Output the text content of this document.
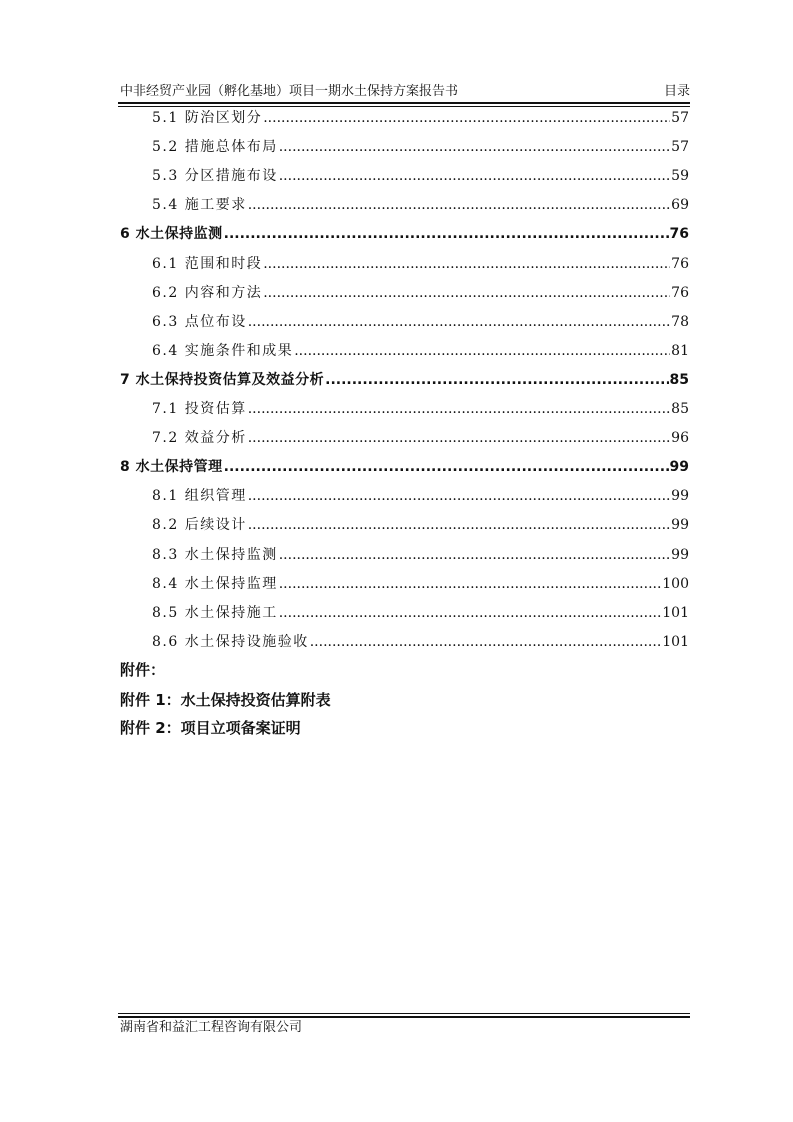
中非经贸产业园（孵化基地）项目一期水土保持方案报告书	目录
5.1 防治区划分 .....	57
5.2 措施总体布局 .....	57
5.3 分区措施布设 .....	59
5.4 施工要求 .....	69
6 水土保持监测 .....	76
6.1 范围和时段 .....	76
6.2 内容和方法 .....	76
6.3 点位布设 .....	78
6.4 实施条件和成果 .....	81
7 水土保持投资估算及效益分析 .....	85
7.1 投资估算 .....	85
7.2 效益分析 .....	96
8 水土保持管理 .....	99
8.1 组织管理 .....	99
8.2 后续设计 .....	99
8.3 水土保持监测 .....	99
8.4 水土保持监理 .....	100
8.5 水土保持施工 .....	101
8.6 水土保持设施验收 .....	101
附件：
附件 1：水土保持投资估算附表
附件 2：项目立项备案证明
湖南省和益汇工程咨询有限公司
